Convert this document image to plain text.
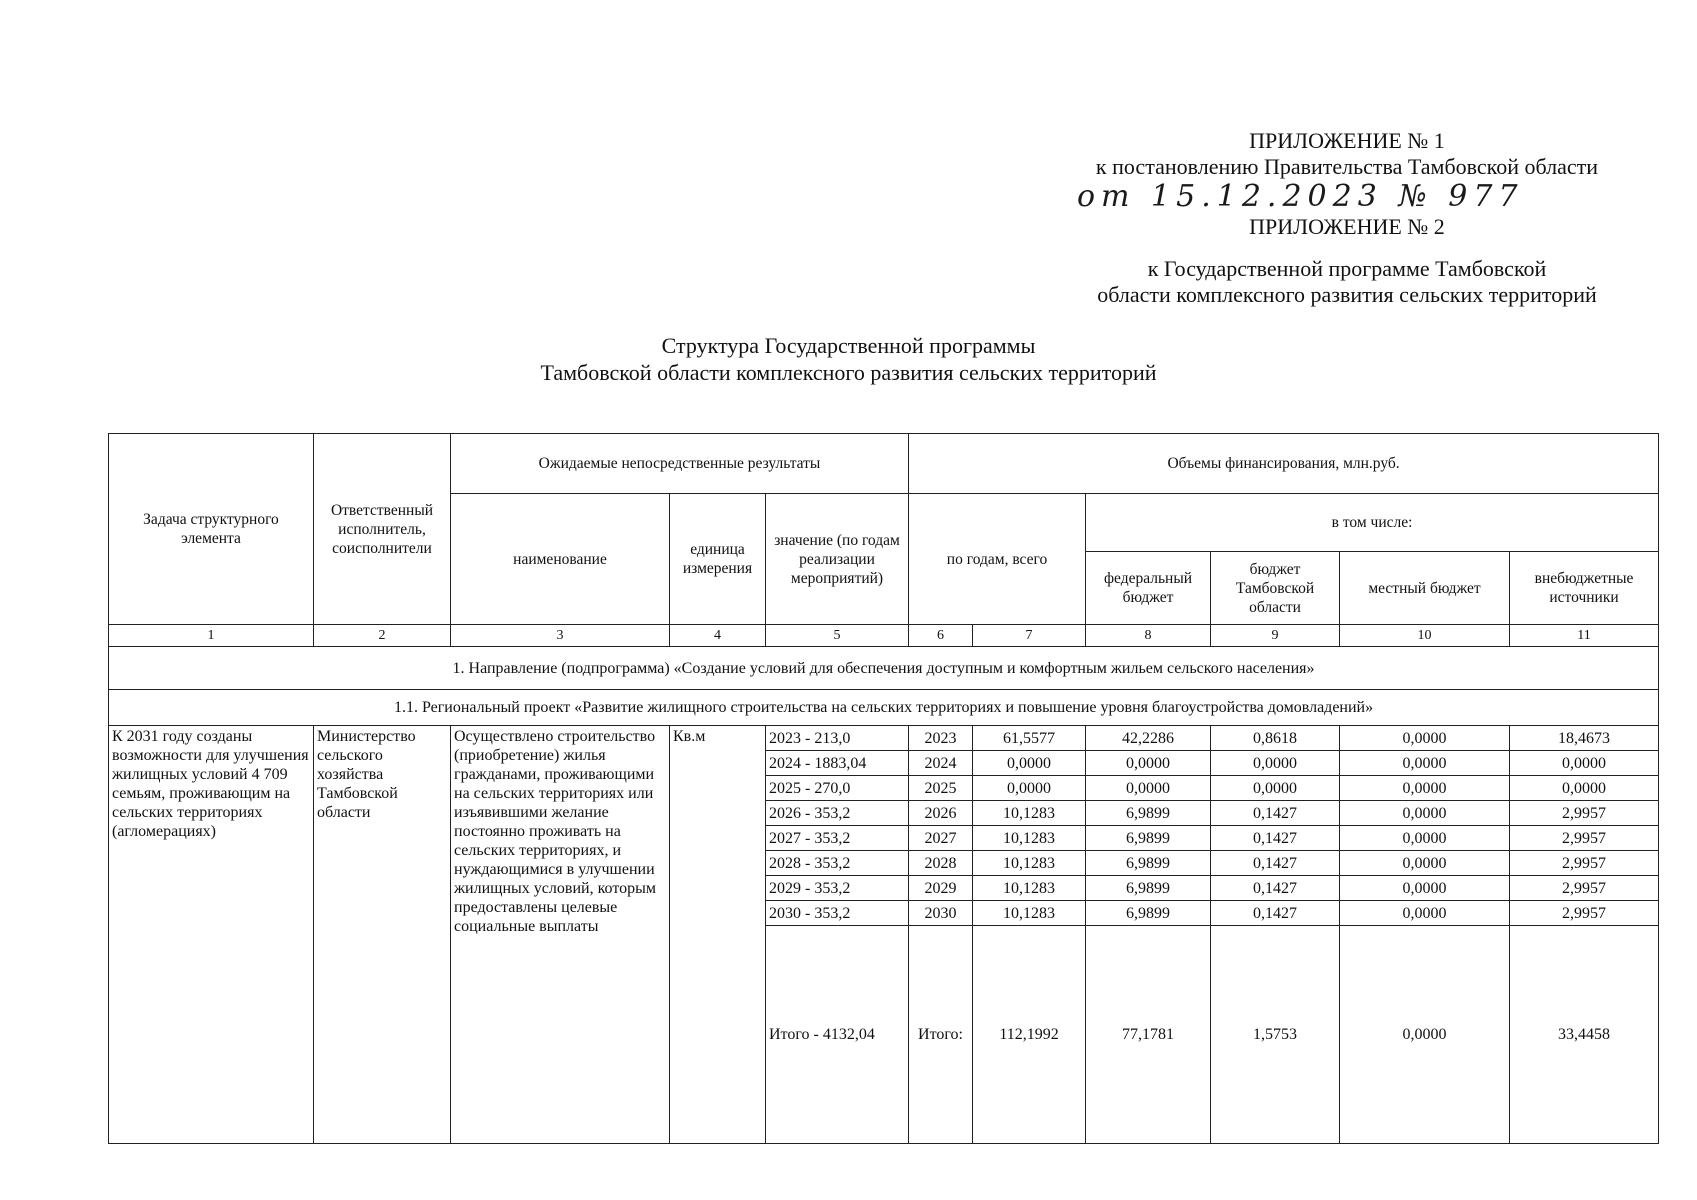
ПРИЛОЖЕНИЕ № 1
к постановлению Правительства Тамбовской области
от 15.12.2023 № 977
ПРИЛОЖЕНИЕ № 2
к Государственной программе Тамбовской
области комплексного развития сельских территорий
Структура Государственной программы
Тамбовской области комплексного развития сельских территорий
Задача структурного элемента	Ответственный исполнитель, соисполнители	Ожидаемые непосредственные результаты			Объемы финансирования, млн.руб.					
		наименование	единица измерения	значение (по годам реализации мероприятий)	по годам, всего		в том числе:			
							федеральный бюджет	бюджет Тамбовской области	местный бюджет	внебюджетные источники
1	2	3	4	5	6	7	8	9	10	11
1. Направление (подпрограмма) «Создание условий для обеспечения доступным и комфортным жильем сельского населения»										
1.1. Региональный проект «Развитие жилищного строительства на сельских территориях и повышение уровня благоустройства домовладений»										
К 2031 году созданы возможности для улучшения жилищных условий 4 709 семьям, проживающим на сельских территориях (агломерациях)	Министерство сельского хозяйства Тамбовской области	Осуществлено строительство (приобретение) жилья гражданами, проживающими на сельских территориях или изъявившими желание постоянно проживать на сельских территориях, и нуждающимися в улучшении жилищных условий, которым предоставлены целевые социальные выплаты	Кв.м	2023 - 213,0	2023	61,5577	42,2286	0,8618	0,0000	18,4673
				2024 - 1883,04	2024	0,0000	0,0000	0,0000	0,0000	0,0000
				2025 - 270,0	2025	0,0000	0,0000	0,0000	0,0000	0,0000
				2026 - 353,2	2026	10,1283	6,9899	0,1427	0,0000	2,9957
				2027 - 353,2	2027	10,1283	6,9899	0,1427	0,0000	2,9957
				2028 - 353,2	2028	10,1283	6,9899	0,1427	0,0000	2,9957
				2029 - 353,2	2029	10,1283	6,9899	0,1427	0,0000	2,9957
				2030 - 353,2	2030	10,1283	6,9899	0,1427	0,0000	2,9957
				Итого - 4132,04	Итого:	112,1992	77,1781	1,5753	0,0000	33,4458
